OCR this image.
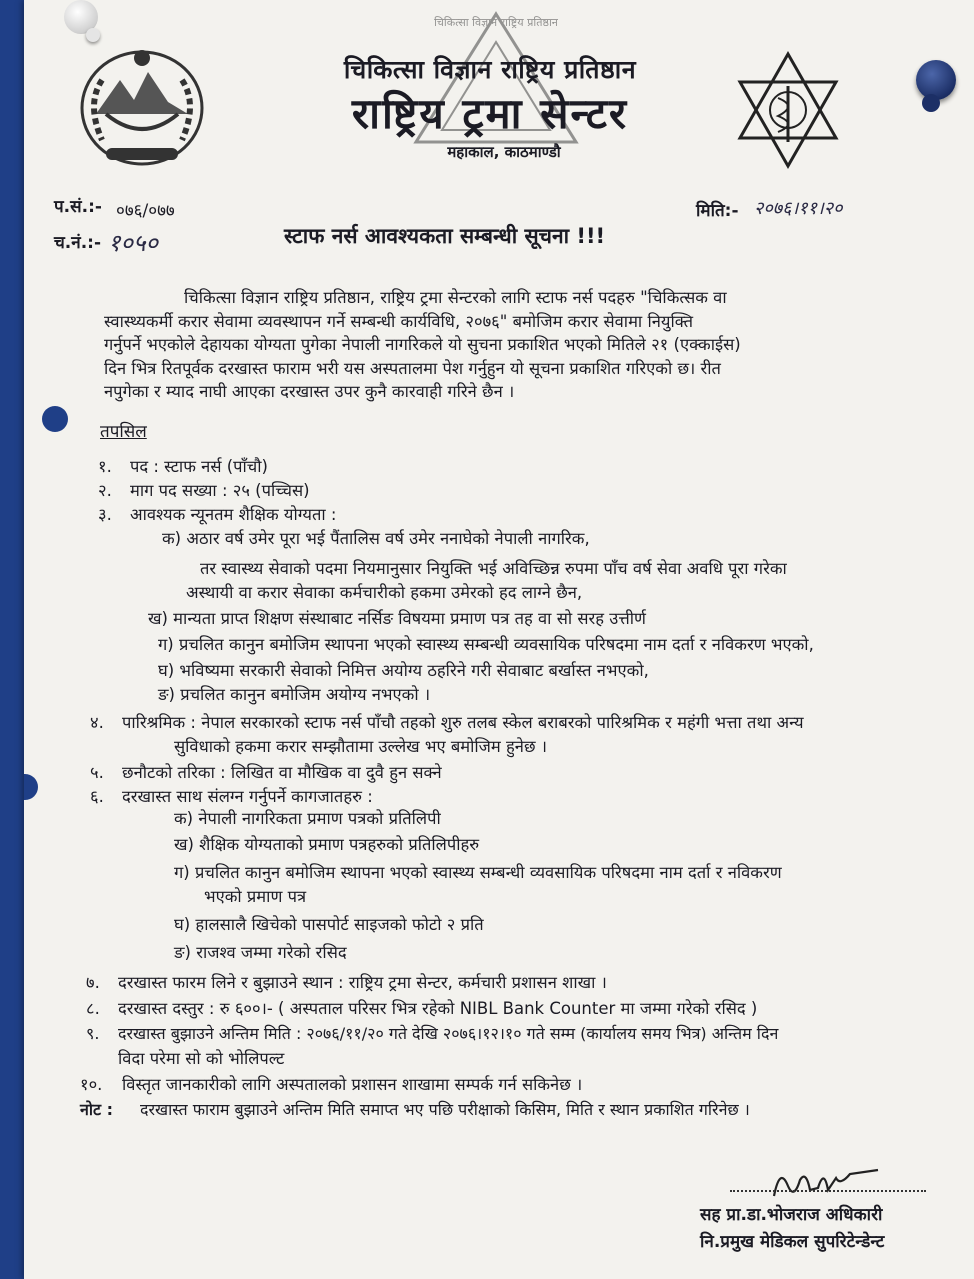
चिकित्सा विज्ञान राष्ट्रिय प्रतिष्ठान
चिकित्सा विज्ञान राष्ट्रिय प्रतिष्ठान
राष्ट्रिय ट्रमा सेन्टर
महाकाल, काठमाण्डौ
प.सं.:- ०७६/०७७
च.नं.:- १०५०
मिति:- २०७६।११।२०
स्टाफ नर्स आवश्यकता सम्बन्धी सूचना !!!
चिकित्सा विज्ञान राष्ट्रिय प्रतिष्ठान, राष्ट्रिय ट्रमा सेन्टरको लागि स्टाफ नर्स पदहरु "चिकित्सक वा
स्वास्थ्यकर्मी करार सेवामा व्यवस्थापन गर्ने सम्बन्धी कार्यविधि, २०७६" बमोजिम करार सेवामा नियुक्ति
गर्नुपर्ने भएकोले देहायका योग्यता पुगेका नेपाली नागरिकले यो सुचना प्रकाशित भएको मितिले २१ (एक्काईस)
दिन भित्र रितपूर्वक दरखास्त फाराम भरी यस अस्पतालमा पेश गर्नुहुन यो सूचना प्रकाशित गरिएको छ। रीत
नपुगेका र म्याद नाघी आएका दरखास्त उपर कुनै कारवाही गरिने छैन ।
तपसिल
१. पद : स्टाफ नर्स (पाँचौ)
२. माग पद सख्या : २५ (पच्चिस)
३. आवश्यक न्यूनतम शैक्षिक योग्यता :
क) अठार वर्ष उमेर पूरा भई पैंतालिस वर्ष उमेर ननाघेको नेपाली नागरिक,
तर स्वास्थ्य सेवाको पदमा नियमानुसार नियुक्ति भई अविच्छिन्न रुपमा पाँच वर्ष सेवा अवधि पूरा गरेका
अस्थायी वा करार सेवाका कर्मचारीको हकमा उमेरको हद लाग्ने छैन,
ख) मान्यता प्राप्त शिक्षण संस्थाबाट नर्सिङ विषयमा प्रमाण पत्र तह वा सो सरह उत्तीर्ण
ग) प्रचलित कानुन बमोजिम स्थापना भएको स्वास्थ्य सम्बन्धी व्यवसायिक परिषदमा नाम दर्ता र नविकरण भएको,
घ) भविष्यमा सरकारी सेवाको निमित्त अयोग्य ठहरिने गरी सेवाबाट बर्खास्त नभएको,
ङ) प्रचलित कानुन बमोजिम अयोग्य नभएको ।
४. पारिश्रमिक : नेपाल सरकारको स्टाफ नर्स पाँचौ तहको शुरु तलब स्केल बराबरको पारिश्रमिक र महंगी भत्ता तथा अन्य
सुविधाको हकमा करार सम्झौतामा उल्लेख भए बमोजिम हुनेछ ।
५. छनौटको तरिका : लिखित वा मौखिक वा दुवै हुन सक्ने
६. दरखास्त साथ संलग्न गर्नुपर्ने कागजातहरु :
क) नेपाली नागरिकता प्रमाण पत्रको प्रतिलिपी
ख) शैक्षिक योग्यताको प्रमाण पत्रहरुको प्रतिलिपीहरु
ग) प्रचलित कानुन बमोजिम स्थापना भएको स्वास्थ्य सम्बन्धी व्यवसायिक परिषदमा नाम दर्ता र नविकरण
भएको प्रमाण पत्र
घ) हालसालै खिचेको पासपोर्ट साइजको फोटो २ प्रति
ङ) राजश्व जम्मा गरेको रसिद
७. दरखास्त फारम लिने र बुझाउने स्थान : राष्ट्रिय ट्रमा सेन्टर, कर्मचारी प्रशासन शाखा ।
८. दरखास्त दस्तुर : रु ६००।- ( अस्पताल परिसर भित्र रहेको NIBL Bank Counter मा जम्मा गरेको रसिद )
९. दरखास्त बुझाउने अन्तिम मिति : २०७६/११/२० गते देखि २०७६।१२।१० गते सम्म (कार्यालय समय भित्र) अन्तिम दिन
विदा परेमा सो को भोलिपल्ट
१०. विस्तृत जानकारीको लागि अस्पतालको प्रशासन शाखामा सम्पर्क गर्न सकिनेछ ।
नोट : दरखास्त फाराम बुझाउने अन्तिम मिति समाप्त भए पछि परीक्षाको किसिम, मिति र स्थान प्रकाशित गरिनेछ ।
सह प्रा.डा.भोजराज अधिकारी
नि.प्रमुख मेडिकल सुपरिटेन्डेन्ट
